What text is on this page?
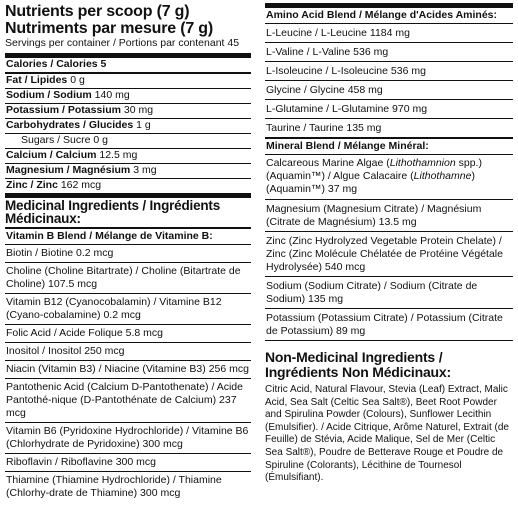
Nutrients per scoop (7 g)
Nutriments par mesure (7 g)
Servings per container / Portions par contenant 45
Calories / Calories 5
Fat / Lipides 0 g
Sodium / Sodium 140 mg
Potassium / Potassium 30 mg
Carbohydrates / Glucides 1 g
Sugars / Sucre 0 g
Calcium / Calcium 12.5 mg
Magnesium / Magnésium 3 mg
Zinc / Zinc 162 mcg
Medicinal Ingredients / Ingrédients Médicinaux:
Vitamin B Blend / Mélange de Vitamine B:
Biotin / Biotine 0.2 mcg
Choline (Choline Bitartrate) / Choline (Bitartrate de Choline) 107.5 mcg
Vitamin B12 (Cyanocobalamin) / Vitamine B12 (Cyano-cobalamine) 0.2 mcg
Folic Acid / Acide Folique 5.8 mcg
Inositol / Inositol 250 mcg
Niacin (Vitamin B3) / Niacine (Vitamine B3) 256 mcg
Pantothenic Acid (Calcium D-Pantothenate) / Acide Pantothé-nique (D-Pantothénate de Calcium) 237 mcg
Vitamin B6 (Pyridoxine Hydrochloride) / Vitamine B6 (Chlorhydrate de Pyridoxine) 300 mcg
Riboflavin / Riboflavine 300 mcg
Thiamine (Thiamine Hydrochloride) / Thiamine (Chlorhy-drate de Thiamine) 300 mcg
Amino Acid Blend / Mélange d'Acides Aminés:
L-Leucine / L-Leucine 1184 mg
L-Valine / L-Valine 536 mg
L-Isoleucine / L-Isoleucine 536 mg
Glycine / Glycine 458 mg
L-Glutamine / L-Glutamine 970 mg
Taurine / Taurine 135 mg
Mineral Blend / Mélange Minéral:
Calcareous Marine Algae (Lithothamnion spp.) (Aquamin™) / Algue Calacaire (Lithothamne) (Aquamin™) 37 mg
Magnesium (Magnesium Citrate) / Magnésium (Citrate de Magnésium) 13.5 mg
Zinc (Zinc Hydrolyzed Vegetable Protein Chelate) / Zinc (Zinc Molécule Chélatée de Protéine Végétale Hydrolysée) 540 mcg
Sodium (Sodium Citrate) / Sodium (Citrate de Sodium) 135 mg
Potassium (Potassium Citrate) / Potassium (Citrate de Potassium) 89 mg
Non-Medicinal Ingredients / Ingrédients Non Médicinaux:
Citric Acid, Natural Flavour, Stevia (Leaf) Extract, Malic Acid, Sea Salt (Celtic Sea Salt®), Beet Root Powder and Spirulina Powder (Colours), Sunflower Lecithin (Emulsifier). / Acide Citrique, Arôme Naturel, Extrait (de Feuille) de Stévia, Acide Malique, Sel de Mer (Celtic Sea Salt®), Poudre de Betterave Rouge et Poudre de Spiruline (Colorants), Lécithine de Tournesol (Émulsifiant).
